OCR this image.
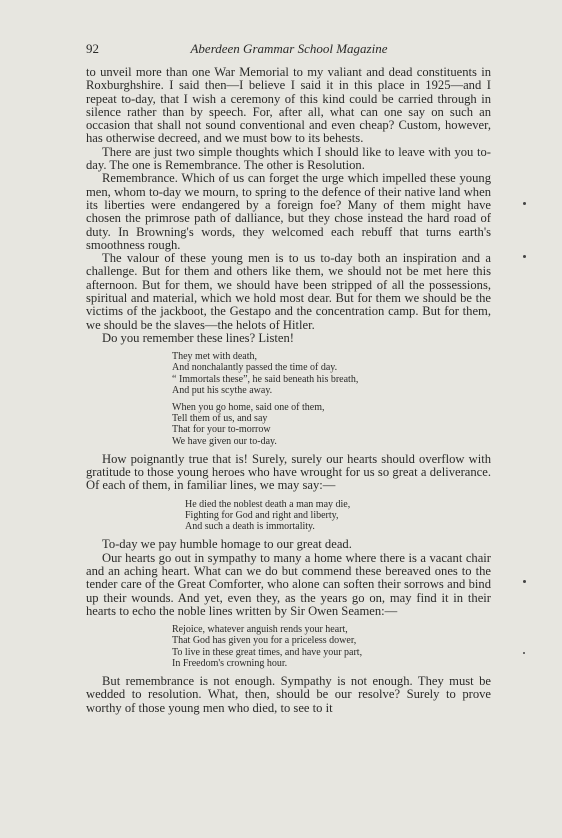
92	Aberdeen Grammar School Magazine

to unveil more than one War Memorial to my valiant and dead constituents in Roxburghshire. I said then—I believe I said it in this place in 1925—and I repeat to-day, that I wish a ceremony of this kind could be carried through in silence rather than by speech. For, after all, what can one say on such an occasion that shall not sound conventional and even cheap? Custom, however, has otherwise decreed, and we must bow to its behests.

There are just two simple thoughts which I should like to leave with you to-day. The one is Remembrance. The other is Resolution.

Remembrance. Which of us can forget the urge which impelled these young men, whom to-day we mourn, to spring to the defence of their native land when its liberties were endangered by a foreign foe? Many of them might have chosen the primrose path of dalliance, but they chose instead the hard road of duty. In Browning's words, they welcomed each rebuff that turns earth's smoothness rough.

The valour of these young men is to us to-day both an inspiration and a challenge. But for them and others like them, we should not be met here this afternoon. But for them, we should have been stripped of all the possessions, spiritual and material, which we hold most dear. But for them we should be the victims of the jackboot, the Gestapo and the concentration camp. But for them, we should be the slaves—the helots of Hitler.

Do you remember these lines? Listen!

They met with death,
And nonchalantly passed the time of day.
“ Immortals these”, he said beneath his breath,
And put his scythe away.
When you go home, said one of them,
Tell them of us, and say
That for your to-morrow
We have given our to-day.

How poignantly true that is! Surely, surely our hearts should overflow with gratitude to those young heroes who have wrought for us so great a deliverance. Of each of them, in familiar lines, we may say:—

He died the noblest death a man may die,
Fighting for God and right and liberty,
And such a death is immortality.

To-day we pay humble homage to our great dead.

Our hearts go out in sympathy to many a home where there is a vacant chair and an aching heart. What can we do but commend these bereaved ones to the tender care of the Great Comforter, who alone can soften their sorrows and bind up their wounds. And yet, even they, as the years go on, may find it in their hearts to echo the noble lines written by Sir Owen Seamen:—

Rejoice, whatever anguish rends your heart,
That God has given you for a priceless dower,
To live in these great times, and have your part,
In Freedom's crowning hour.

But remembrance is not enough. Sympathy is not enough. They must be wedded to resolution. What, then, should be our resolve? Surely to prove worthy of those young men who died, to see to it
